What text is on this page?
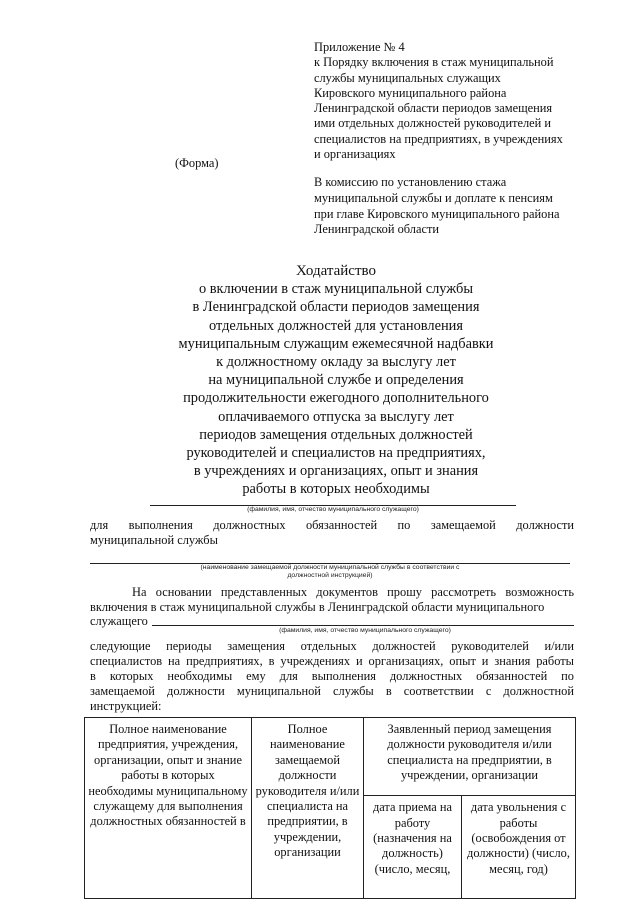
Приложение № 4
к Порядку включения в стаж муниципальной
службы муниципальных служащих
Кировского муниципального района
Ленинградской области периодов замещения
ими отдельных должностей руководителей и
специалистов на предприятиях, в учреждениях
и организациях
(Форма)
В комиссию по установлению стажа
муниципальной службы и доплате к пенсиям
при главе Кировского муниципального района
Ленинградской области
Ходатайство
о включении в стаж муниципальной службы
в Ленинградской области периодов замещения
отдельных должностей для установления
муниципальным служащим ежемесячной надбавки
к должностному окладу за выслугу лет
на муниципальной службе и определения
продолжительности ежегодного дополнительного
оплачиваемого отпуска за выслугу лет
периодов замещения отдельных должностей
руководителей и специалистов на предприятиях,
в учреждениях и организациях, опыт и знания
работы в которых необходимы
(фамилия, имя, отчество муниципального служащего)
для выполнения должностных обязанностей по замещаемой должности
муниципальной службы
(наименование замещаемой должности муниципальной службы в соответствии с
должностной инструкцией)
На основании представленных документов прошу рассмотреть возможность
включения в стаж муниципальной службы в Ленинградской области муниципального
служащего
(фамилия, имя, отчество муниципального служащего)
следующие периоды замещения отдельных должностей руководителей и/или
специалистов на предприятиях, в учреждениях и организациях, опыт и знания работы
в которых необходимы ему для выполнения должностных обязанностей по
замещаемой должности муниципальной службы в соответствии с должностной
инструкцией:
Полное наименование предприятия, учреждения, организации, опыт и знание работы в которых необходимы муниципальному служащему для выполнения должностных обязанностей в	Полное наименование замещаемой должности руководителя и/или специалиста на предприятии, в учреждении, организации	Заявленный период замещения должности руководителя и/или специалиста на предприятии, в учреждении, организации	
		дата приема на работу (назначения на должность) (число, месяц,	дата увольнения с работы (освобождения от должности) (число, месяц, год)
